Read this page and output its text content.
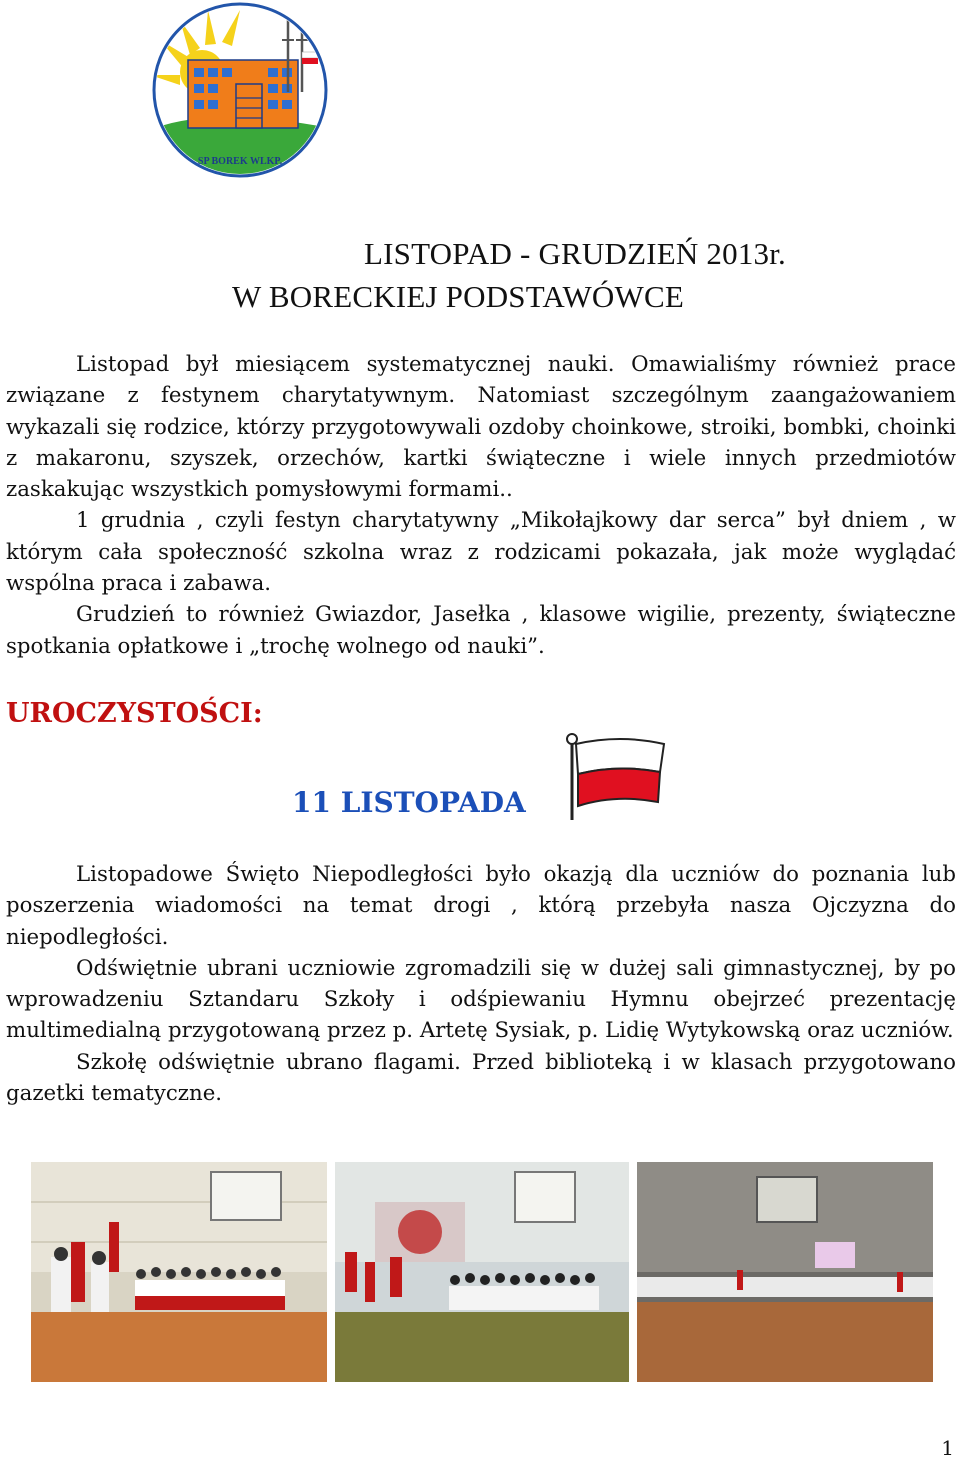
SP BOREK WLKP.
LISTOPAD - GRUDZIEŃ 2013r.
W BORECKIEJ PODSTAWÓWCE
Listopad był miesiącem systematycznej nauki. Omawialiśmy również prace związane z festynem charytatywnym. Natomiast szczególnym zaangażowaniem wykazali się rodzice, którzy przygotowywali ozdoby choinkowe, stroiki, bombki, choinki z makaronu, szyszek, orzechów, kartki świąteczne i wiele innych przedmiotów zaskakując wszystkich pomysłowymi formami..
1 grudnia , czyli festyn charytatywny „Mikołajkowy dar serca” był dniem , w którym cała społeczność szkolna wraz z rodzicami pokazała, jak może wyglądać wspólna praca i zabawa.
Grudzień to również Gwiazdor, Jasełka , klasowe wigilie, prezenty, świąteczne spotkania opłatkowe i „trochę wolnego od nauki”.
UROCZYSTOŚCI:
11 LISTOPADA
Listopadowe Święto Niepodległości było okazją dla uczniów do poznania lub poszerzenia wiadomości na temat drogi , którą przebyła nasza Ojczyzna do niepodległości.
Odświętnie ubrani uczniowie zgromadzili się w dużej sali gimnastycznej, by po wprowadzeniu Sztandaru Szkoły i odśpiewaniu Hymnu obejrzeć prezentację multimedialną przygotowaną przez p. Artetę Sysiak, p. Lidię Wytykowską oraz uczniów.
Szkołę odświętnie ubrano flagami. Przed biblioteką i w klasach przygotowano gazetki tematyczne.
1
